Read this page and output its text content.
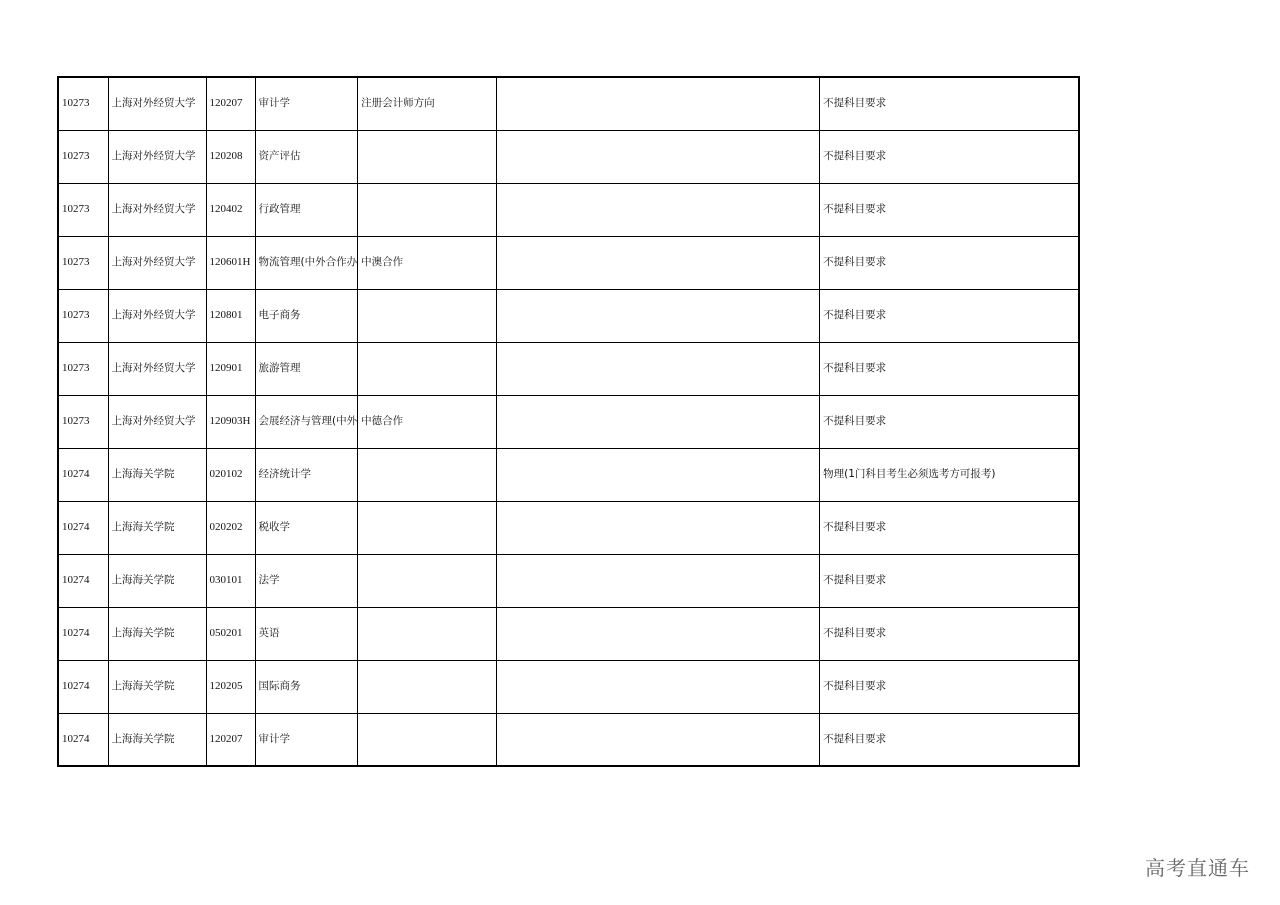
10273	上海对外经贸大学	120207	审计学	注册会计师方向		不提科目要求
10273	上海对外经贸大学	120208	资产评估			不提科目要求
10273	上海对外经贸大学	120402	行政管理			不提科目要求
10273	上海对外经贸大学	120601H	物流管理(中外合作办	中澳合作		不提科目要求
10273	上海对外经贸大学	120801	电子商务			不提科目要求
10273	上海对外经贸大学	120901	旅游管理			不提科目要求
10273	上海对外经贸大学	120903H	会展经济与管理(中外	中德合作		不提科目要求
10274	上海海关学院	020102	经济统计学			物理(1门科目考生必须选考方可报考)
10274	上海海关学院	020202	税收学			不提科目要求
10274	上海海关学院	030101	法学			不提科目要求
10274	上海海关学院	050201	英语			不提科目要求
10274	上海海关学院	120205	国际商务			不提科目要求
10274	上海海关学院	120207	审计学			不提科目要求
高考直通车
